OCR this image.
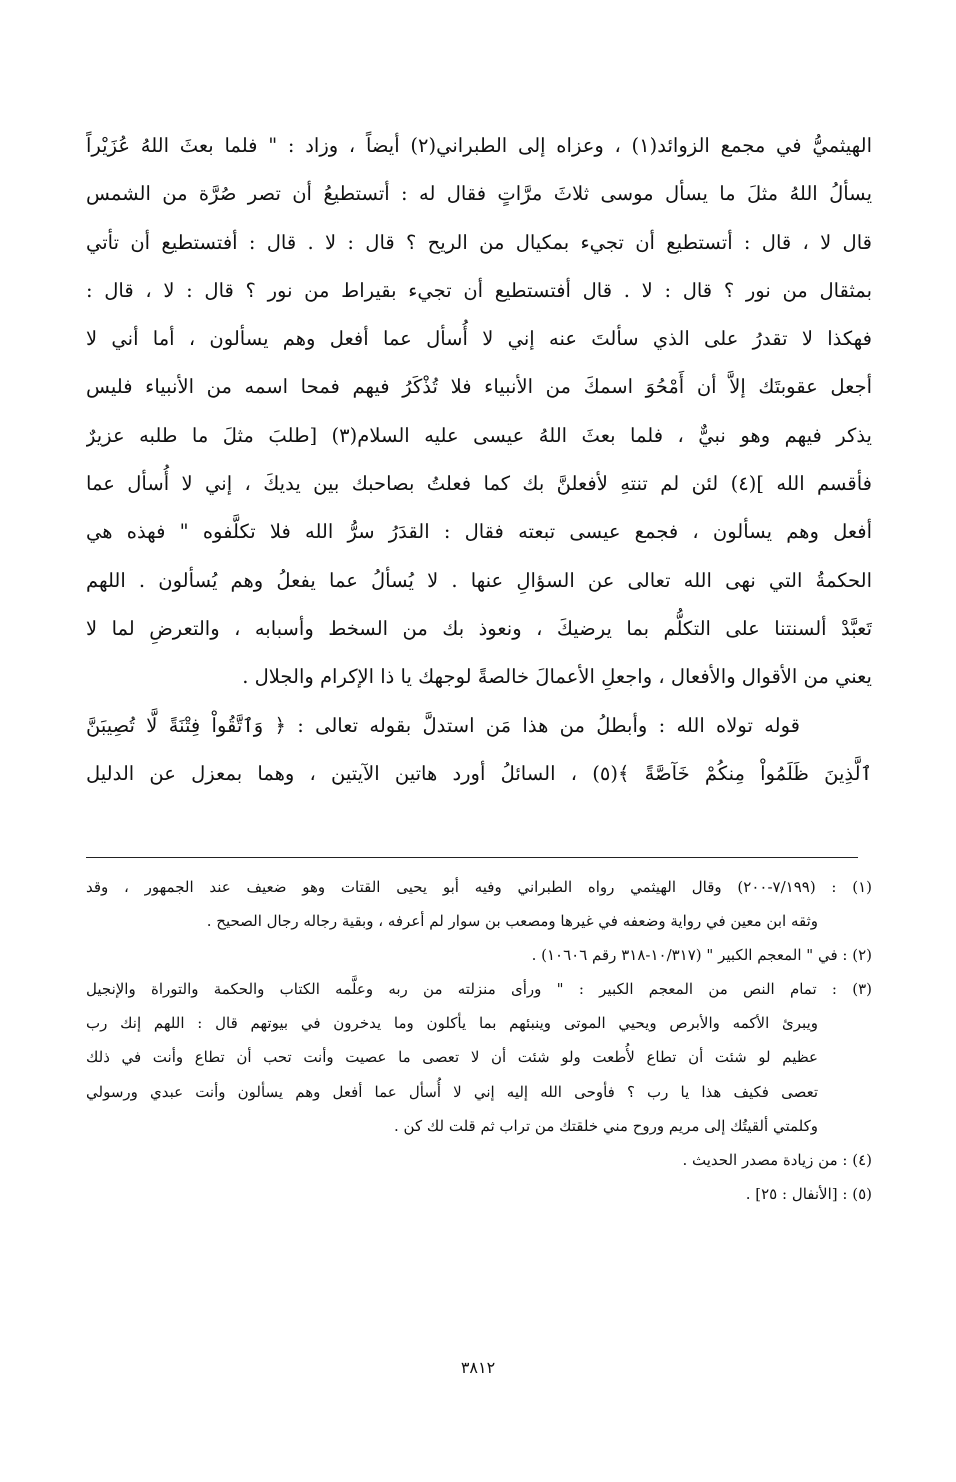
الهيثميُّ في مجمع الزوائد(١) ، وعزاه إلى الطبراني(٢) أيضاً ، وزاد : " فلما بعثَ اللهُ عُزَيْراً
يسألُ اللهُ مثلَ ما يسأل موسى ثلاثَ مرَّاتٍ فقال له : أتستطيعُ أن تصر صُرَّة من الشمس
قال لا ، قال : أتستطيع أن تجيء بمكيال من الريح ؟ قال : لا . قال : أفتستطيع أن تأتي
بمثقال من نور ؟ قال : لا . قال أفتستطيع أن تجيء بقيراط من نور ؟ قال : لا ، قال :
فهكذا لا تقدرُ على الذي سألتَ عنه إني لا أُسأل عما أفعل وهم يسألون ، أما أني لا
أجعل عقوبتَك إلاَّ أن أَمْحُوَ اسمكَ من الأنبياء فلا تُذْكَرُ فيهم فمحا اسمه من الأنبياء فليس
يذكر فيهم وهو نبيٌّ ، فلما بعثَ اللهُ عيسى عليه السلام(٣) [طلبَ مثلَ ما طلبه عزيرٌ
فأقسم الله ](٤) لئن لم تنتهِ لأفعلنَّ بك كما فعلتُ بصاحبك بين يديكَ ، إني لا أُسأل عما
أفعل وهم يسألون ، فجمع عيسى تبعته فقال : القدَرُ سرُّ الله فلا تكلَّفوه " فهذه هي
الحكمةُ التي نهى الله تعالى عن السؤالِ عنها . لا يُسألُ عما يفعلُ وهم يُسألون . اللهم
تَعبَّدْ ألسنتنا على التكلُّم بما يرضيكَ ، ونعوذ بك من السخط وأسبابه ، والتعرضِ لما لا
يعني من الأقوال والأفعال ، واجعلِ الأعمالَ خالصةً لوجهك يا ذا الإكرام والجلال .
قوله تولاه الله : وأبطلُ من هذا مَن استدلَّ بقوله تعالى : ﴿ وَٱتَّقُواْ فِتْنَةً لَّا تُصِيبَنَّ
ٱلَّذِينَ ظَلَمُواْ مِنكُمْ خَآصَّةً ﴾(٥) ، السائلُ أورد هاتين الآيتين ، وهما بمعزل عن الدليل
(١) : (٧/١٩٩-٢٠٠) وقال الهيثمي رواه الطبراني وفيه أبو يحيى القتات وهو ضعيف عند الجمهور ، وقد
وثقه ابن معين في رواية وضعفه في غيرها ومصعب بن سوار لم أعرفه ، وبقية رجاله رجال الصحيح .
(٢) : في " المعجم الكبير " (١٠/٣١٧-٣١٨ رقم ١٠٦٠٦) .
(٣) : تمام النص من المعجم الكبير : " ورأى منزلته من ربه وعلَّمه الكتاب والحكمة والتوراة والإنجيل
ويبرئ الأكمه والأبرص ويحيي الموتى وينبئهم بما يأكلون وما يدخرون في بيوتهم قال : اللهم إنك رب
عظيم لو شئت أن تطاع لأُطعت ولو شئت أن لا تعصى ما عصيت وأنت تحب أن تطاع وأنت في ذلك
تعصى فكيف هذا يا رب ؟ فأوحى الله إليه إني لا أُسأل عما أفعل وهم يسألون وأنت عبدي ورسولي
وكلمتي ألقيتُك إلى مريم وروح مني خلقتك من تراب ثم قلت لك كن .
(٤) : من زيادة مصدر الحديث .
(٥) : [الأنفال : ٢٥] .
٣٨١٢
